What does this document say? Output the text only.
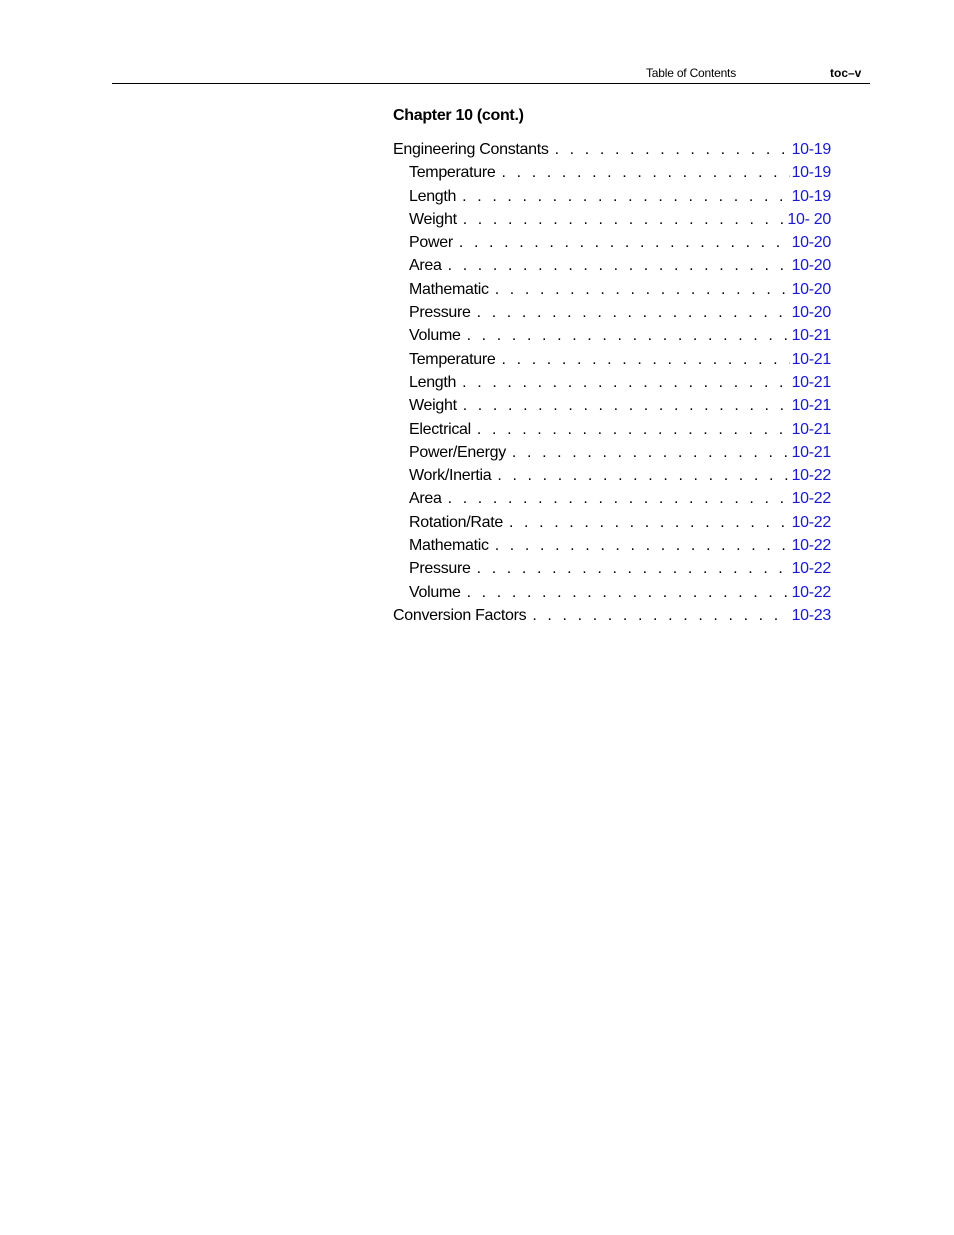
Table of Contents	toc–v
Chapter 10 (cont.)
Engineering Constants . . .	10-19
Temperature . . .	10-19
Length . . .	10-19
Weight . . .	10- 20
Power . . .	10-20
Area . . .	10-20
Mathematic . . .	10-20
Pressure . . .	10-20
Volume . . .	10-21
Temperature . . .	10-21
Length . . .	10-21
Weight . . .	10-21
Electrical . . .	10-21
Power/Energy . . .	10-21
Work/Inertia . . .	10-22
Area . . .	10-22
Rotation/Rate . . .	10-22
Mathematic . . .	10-22
Pressure . . .	10-22
Volume . . .	10-22
Conversion Factors . . .	10-23
